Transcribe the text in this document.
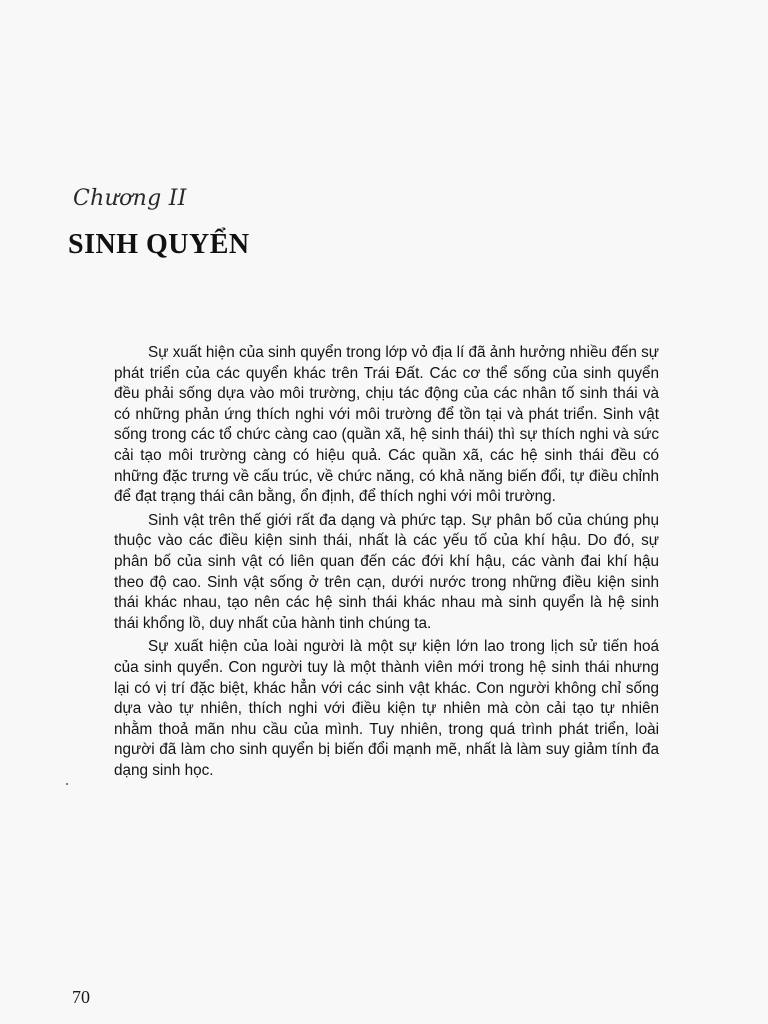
Chương II
SINH QUYỂN

Sự xuất hiện của sinh quyển trong lớp vỏ địa lí đã ảnh hưởng nhiều đến sự phát triển của các quyển khác trên Trái Đất. Các cơ thể sống của sinh quyển đều phải sống dựa vào môi trường, chịu tác động của các nhân tố sinh thái và có những phản ứng thích nghi với môi trường để tồn tại và phát triển. Sinh vật sống trong các tổ chức càng cao (quần xã, hệ sinh thái) thì sự thích nghi và sức cải tạo môi trường càng có hiệu quả. Các quần xã, các hệ sinh thái đều có những đặc trưng về cấu trúc, về chức năng, có khả năng biến đổi, tự điều chỉnh để đạt trạng thái cân bằng, ổn định, để thích nghi với môi trường.

Sinh vật trên thế giới rất đa dạng và phức tạp. Sự phân bố của chúng phụ thuộc vào các điều kiện sinh thái, nhất là các yếu tố của khí hậu. Do đó, sự phân bố của sinh vật có liên quan đến các đới khí hậu, các vành đai khí hậu theo độ cao. Sinh vật sống ở trên cạn, dưới nước trong những điều kiện sinh thái khác nhau, tạo nên các hệ sinh thái khác nhau mà sinh quyển là hệ sinh thái khổng lồ, duy nhất của hành tinh chúng ta.

Sự xuất hiện của loài người là một sự kiện lớn lao trong lịch sử tiến hoá của sinh quyển. Con người tuy là một thành viên mới trong hệ sinh thái nhưng lại có vị trí đặc biệt, khác hẳn với các sinh vật khác. Con người không chỉ sống dựa vào tự nhiên, thích nghi với điều kiện tự nhiên mà còn cải tạo tự nhiên nhằm thoả mãn nhu cầu của mình. Tuy nhiên, trong quá trình phát triển, loài người đã làm cho sinh quyển bị biến đổi mạnh mẽ, nhất là làm suy giảm tính đa dạng sinh học.

70
